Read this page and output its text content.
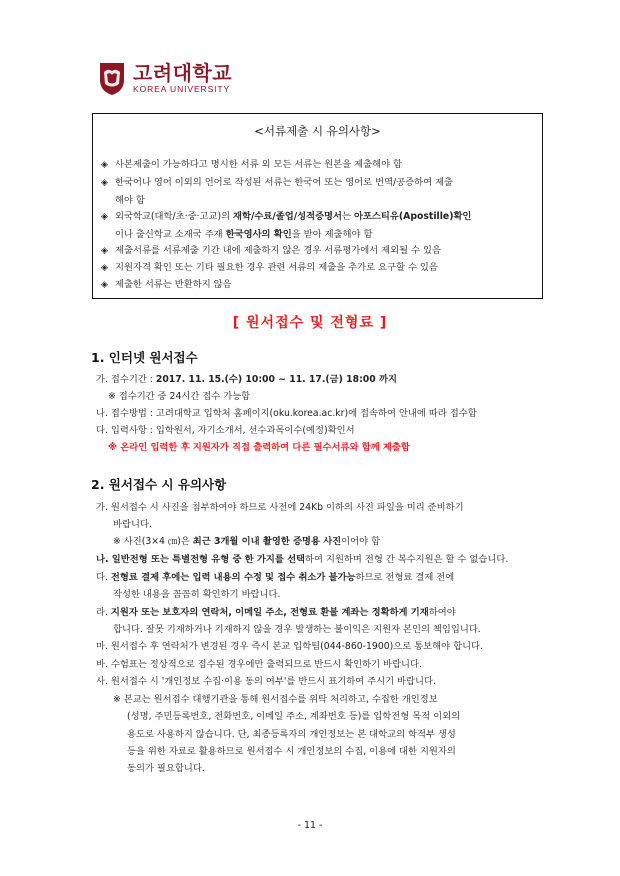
고려대학교
KOREA UNIVERSITY
<서류제출 시 유의사항>
◈ 사본제출이 가능하다고 명시한 서류 외 모든 서류는 원본을 제출해야 함
◈ 한국어나 영어 이외의 언어로 작성된 서류는 한국어 또는 영어로 번역/공증하여 제출
해야 함
◈ 외국학교(대학/초·중·고교)의 재학/수료/졸업/성적증명서는 아포스티유(Apostille)확인
이나 출신학교 소재국 주재 한국영사의 확인을 받아 제출해야 함
◈ 제출서류를 서류제출 기간 내에 제출하지 않은 경우 서류평가에서 제외될 수 있음
◈ 지원자격 확인 또는 기타 필요한 경우 관련 서류의 제출을 추가로 요구할 수 있음
◈ 제출한 서류는 반환하지 않음
[ 원서접수 및 전형료 ]
1. 인터넷 원서접수
가. 접수기간 : 2017. 11. 15.(수) 10:00 ~ 11. 17.(금) 18:00 까지
※ 접수기간 중 24시간 접수 가능함
나. 접수방법 : 고려대학교 입학처 홈페이지(oku.korea.ac.kr)에 접속하여 안내에 따라 접수함
다. 입력사항 : 입학원서, 자기소개서, 선수과목이수(예정)확인서
※ 온라인 입력한 후 지원자가 직접 출력하여 다른 필수서류와 함께 제출함
2. 원서접수 시 유의사항
가. 원서접수 시 사진을 첨부하여야 하므로 사전에 24Kb 이하의 사진 파일을 미리 준비하기
바랍니다.
※ 사진(3×4 ㎝)은 최근 3개월 이내 촬영한 증명용 사진이어야 함
나. 일반전형 또는 특별전형 유형 중 한 가지를 선택하여 지원하며 전형 간 복수지원은 할 수 없습니다.
다. 전형료 결제 후에는 입력 내용의 수정 및 접수 취소가 불가능하므로 전형료 결제 전에
작성한 내용을 꼼꼼히 확인하기 바랍니다.
라. 지원자 또는 보호자의 연락처, 이메일 주소, 전형료 환불 계좌는 정확하게 기재하여야
합니다. 잘못 기재하거나 기재하지 않을 경우 발생하는 불이익은 지원자 본인의 책임입니다.
마. 원서접수 후 연락처가 변경된 경우 즉시 본교 입학팀(044-860-1900)으로 통보해야 합니다.
바. 수험표는 정상적으로 접수된 경우에만 출력되므로 반드시 확인하기 바랍니다.
사. 원서접수 시 '개인정보 수집·이용 동의 여부'를 반드시 표기하여 주시기 바랍니다.
※ 본교는 원서접수 대행기관을 통해 원서접수를 위탁 처리하고, 수집한 개인정보
(성명, 주민등록번호, 전화번호, 이메일 주소, 계좌번호 등)를 입학전형 목적 이외의
용도로 사용하지 않습니다. 단, 최종등록자의 개인정보는 본 대학교의 학적부 생성
등을 위한 자료로 활용하므로 원서접수 시 개인정보의 수집, 이용에 대한 지원자의
동의가 필요합니다.
- 11 -
